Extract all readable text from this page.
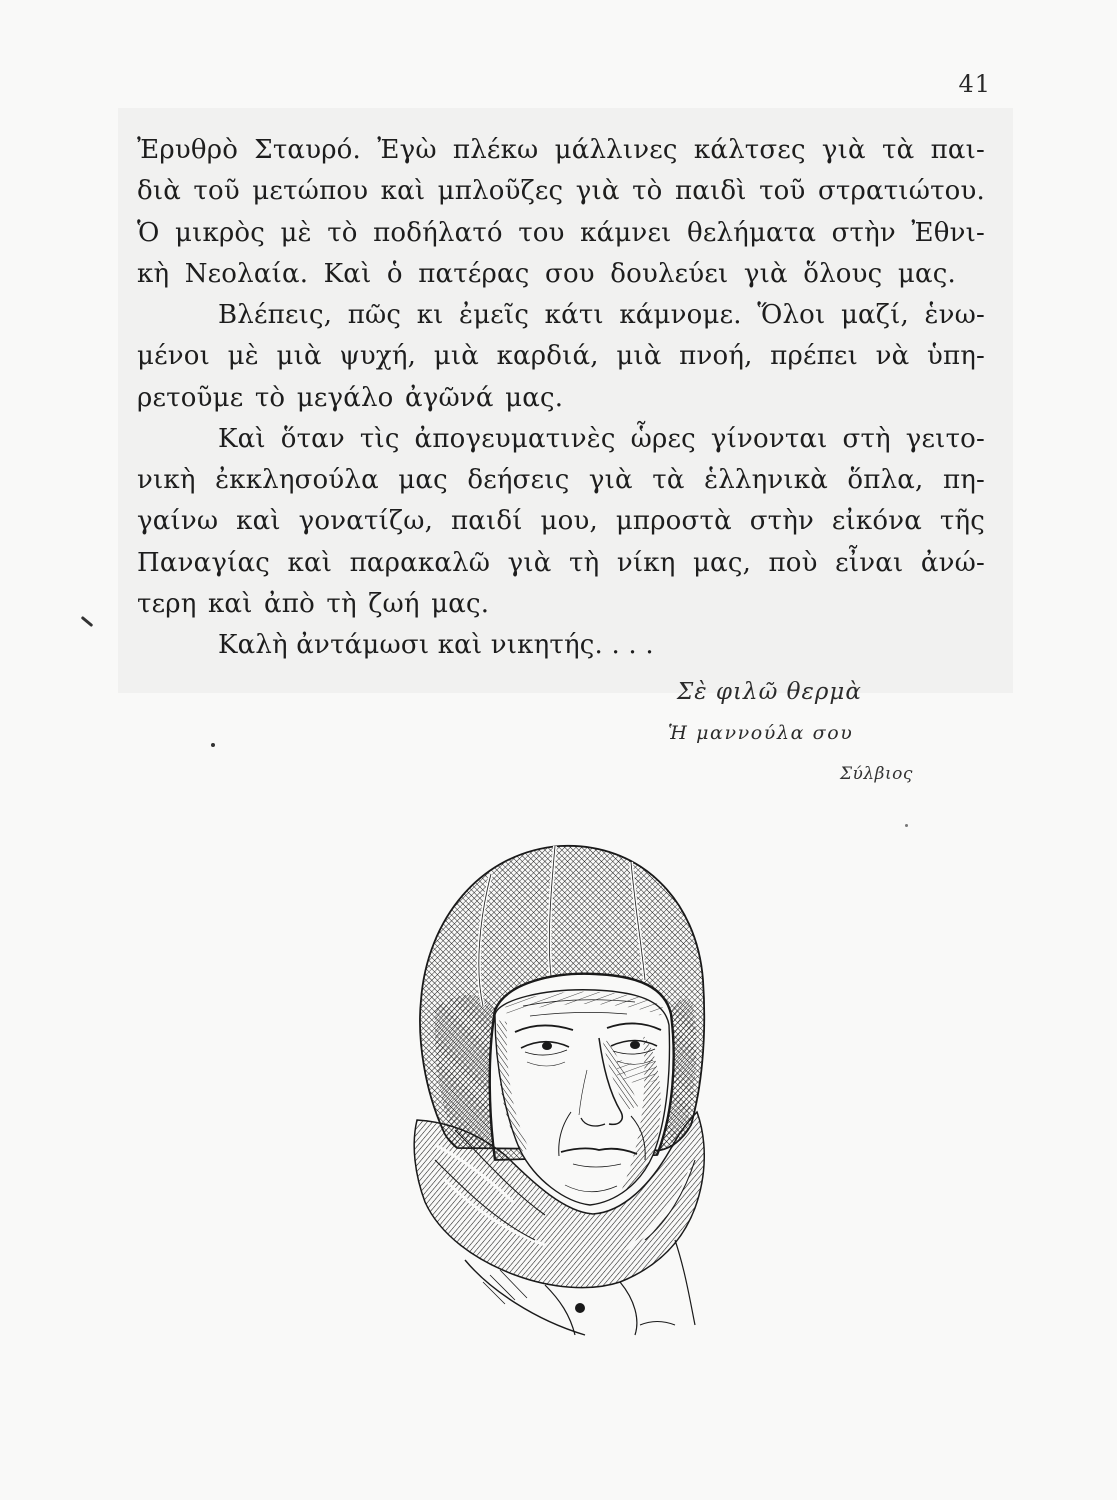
41
Ἐρυθρὸ Σταυρό. Ἐγὼ πλέκω μάλλινες κάλτσες γιὰ τὰ παι-
διὰ τοῦ μετώπου καὶ μπλοῦζες γιὰ τὸ παιδὶ τοῦ στρατιώτου.
Ὁ μικρὸς μὲ τὸ ποδήλατό του κάμνει θελήματα στὴν Ἐθνι-
κὴ Νεολαία. Καὶ ὁ πατέρας σου δουλεύει γιὰ ὅλους μας.
Βλέπεις, πῶς κι ἐμεῖς κάτι κάμνομε. Ὅλοι μαζί, ἑνω-
μένοι μὲ μιὰ ψυχή, μιὰ καρδιά, μιὰ πνοή, πρέπει νὰ ὑπη-
ρετοῦμε τὸ μεγάλο ἀγῶνά μας.
Καὶ ὅταν τὶς ἀπογευματινὲς ὧρες γίνονται στὴ γειτο-
νικὴ ἐκκλησούλα μας δεήσεις γιὰ τὰ ἑλληνικὰ ὅπλα, πη-
γαίνω καὶ γονατίζω, παιδί μου, μπροστὰ στὴν εἰκόνα τῆς
Παναγίας καὶ παρακαλῶ γιὰ τὴ νίκη μας, ποὺ εἶναι ἀνώ-
τερη καὶ ἀπὸ τὴ ζωή μας.
Καλὴ ἀντάμωσι καὶ νικητής. . . .
Σὲ φιλῶ θερμὰ
Ἡ μαννούλα σου
Σύλβιος
